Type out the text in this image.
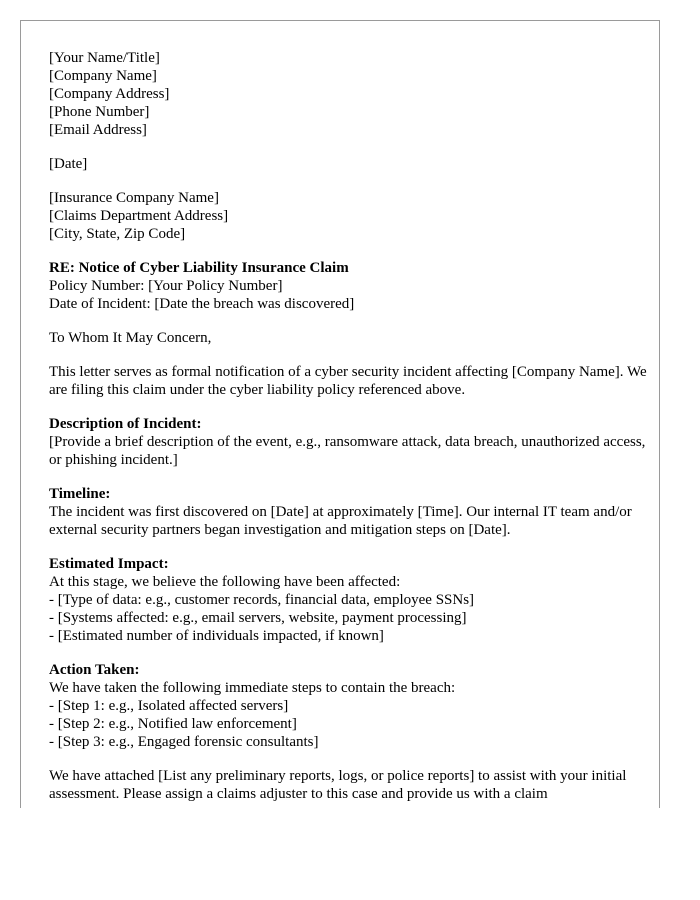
[Your Name/Title]
[Company Name]
[Company Address]
[Phone Number]
[Email Address]
[Date]
[Insurance Company Name]
[Claims Department Address]
[City, State, Zip Code]
RE: Notice of Cyber Liability Insurance Claim
Policy Number: [Your Policy Number]
Date of Incident: [Date the breach was discovered]
To Whom It May Concern,
This letter serves as formal notification of a cyber security incident affecting [Company Name]. We are filing this claim under the cyber liability policy referenced above.
Description of Incident:
[Provide a brief description of the event, e.g., ransomware attack, data breach, unauthorized access, or phishing incident.]
Timeline:
The incident was first discovered on [Date] at approximately [Time]. Our internal IT team and/or external security partners began investigation and mitigation steps on [Date].
Estimated Impact:
At this stage, we believe the following have been affected:
- [Type of data: e.g., customer records, financial data, employee SSNs]
- [Systems affected: e.g., email servers, website, payment processing]
- [Estimated number of individuals impacted, if known]
Action Taken:
We have taken the following immediate steps to contain the breach:
- [Step 1: e.g., Isolated affected servers]
- [Step 2: e.g., Notified law enforcement]
- [Step 3: e.g., Engaged forensic consultants]
We have attached [List any preliminary reports, logs, or police reports] to assist with your initial assessment. Please assign a claims adjuster to this case and provide us with a claim
